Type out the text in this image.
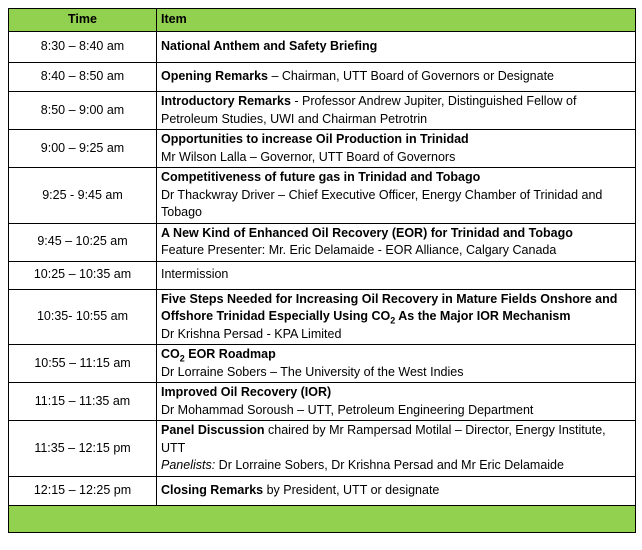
Time	Item
8:30 – 8:40 am	National Anthem and Safety Briefing
8:40 – 8:50 am	Opening Remarks – Chairman, UTT Board of Governors or Designate
8:50 – 9:00 am	Introductory Remarks - Professor Andrew Jupiter, Distinguished Fellow of Petroleum Studies, UWI and Chairman Petrotrin
9:00 – 9:25 am	Opportunities to increase Oil Production in Trinidad
Mr Wilson Lalla – Governor, UTT Board of Governors
9:25 - 9:45 am	Competitiveness of future gas in Trinidad and Tobago
Dr Thackwray Driver – Chief Executive Officer, Energy Chamber of Trinidad and Tobago
9:45 – 10:25 am	A New Kind of Enhanced Oil Recovery (EOR) for Trinidad and Tobago
Feature Presenter: Mr. Eric Delamaide - EOR Alliance, Calgary Canada
10:25 – 10:35 am	Intermission
10:35- 10:55 am	Five Steps Needed for Increasing Oil Recovery in Mature Fields Onshore and Offshore Trinidad Especially Using $CO_2$ As the Major IOR Mechanism
Dr Krishna Persad - KPA Limited
10:55 – 11:15 am	$CO_2$ EOR Roadmap
Dr Lorraine Sobers – The University of the West Indies
11:15 – 11:35 am	Improved Oil Recovery (IOR)
Dr Mohammad Soroush – UTT, Petroleum Engineering Department
11:35 – 12:15 pm	Panel Discussion chaired by Mr Rampersad Motilal – Director, Energy Institute, UTT
Panelists: Dr Lorraine Sobers, Dr Krishna Persad and Mr Eric Delamaide
12:15 – 12:25 pm	Closing Remarks by President, UTT or designate
